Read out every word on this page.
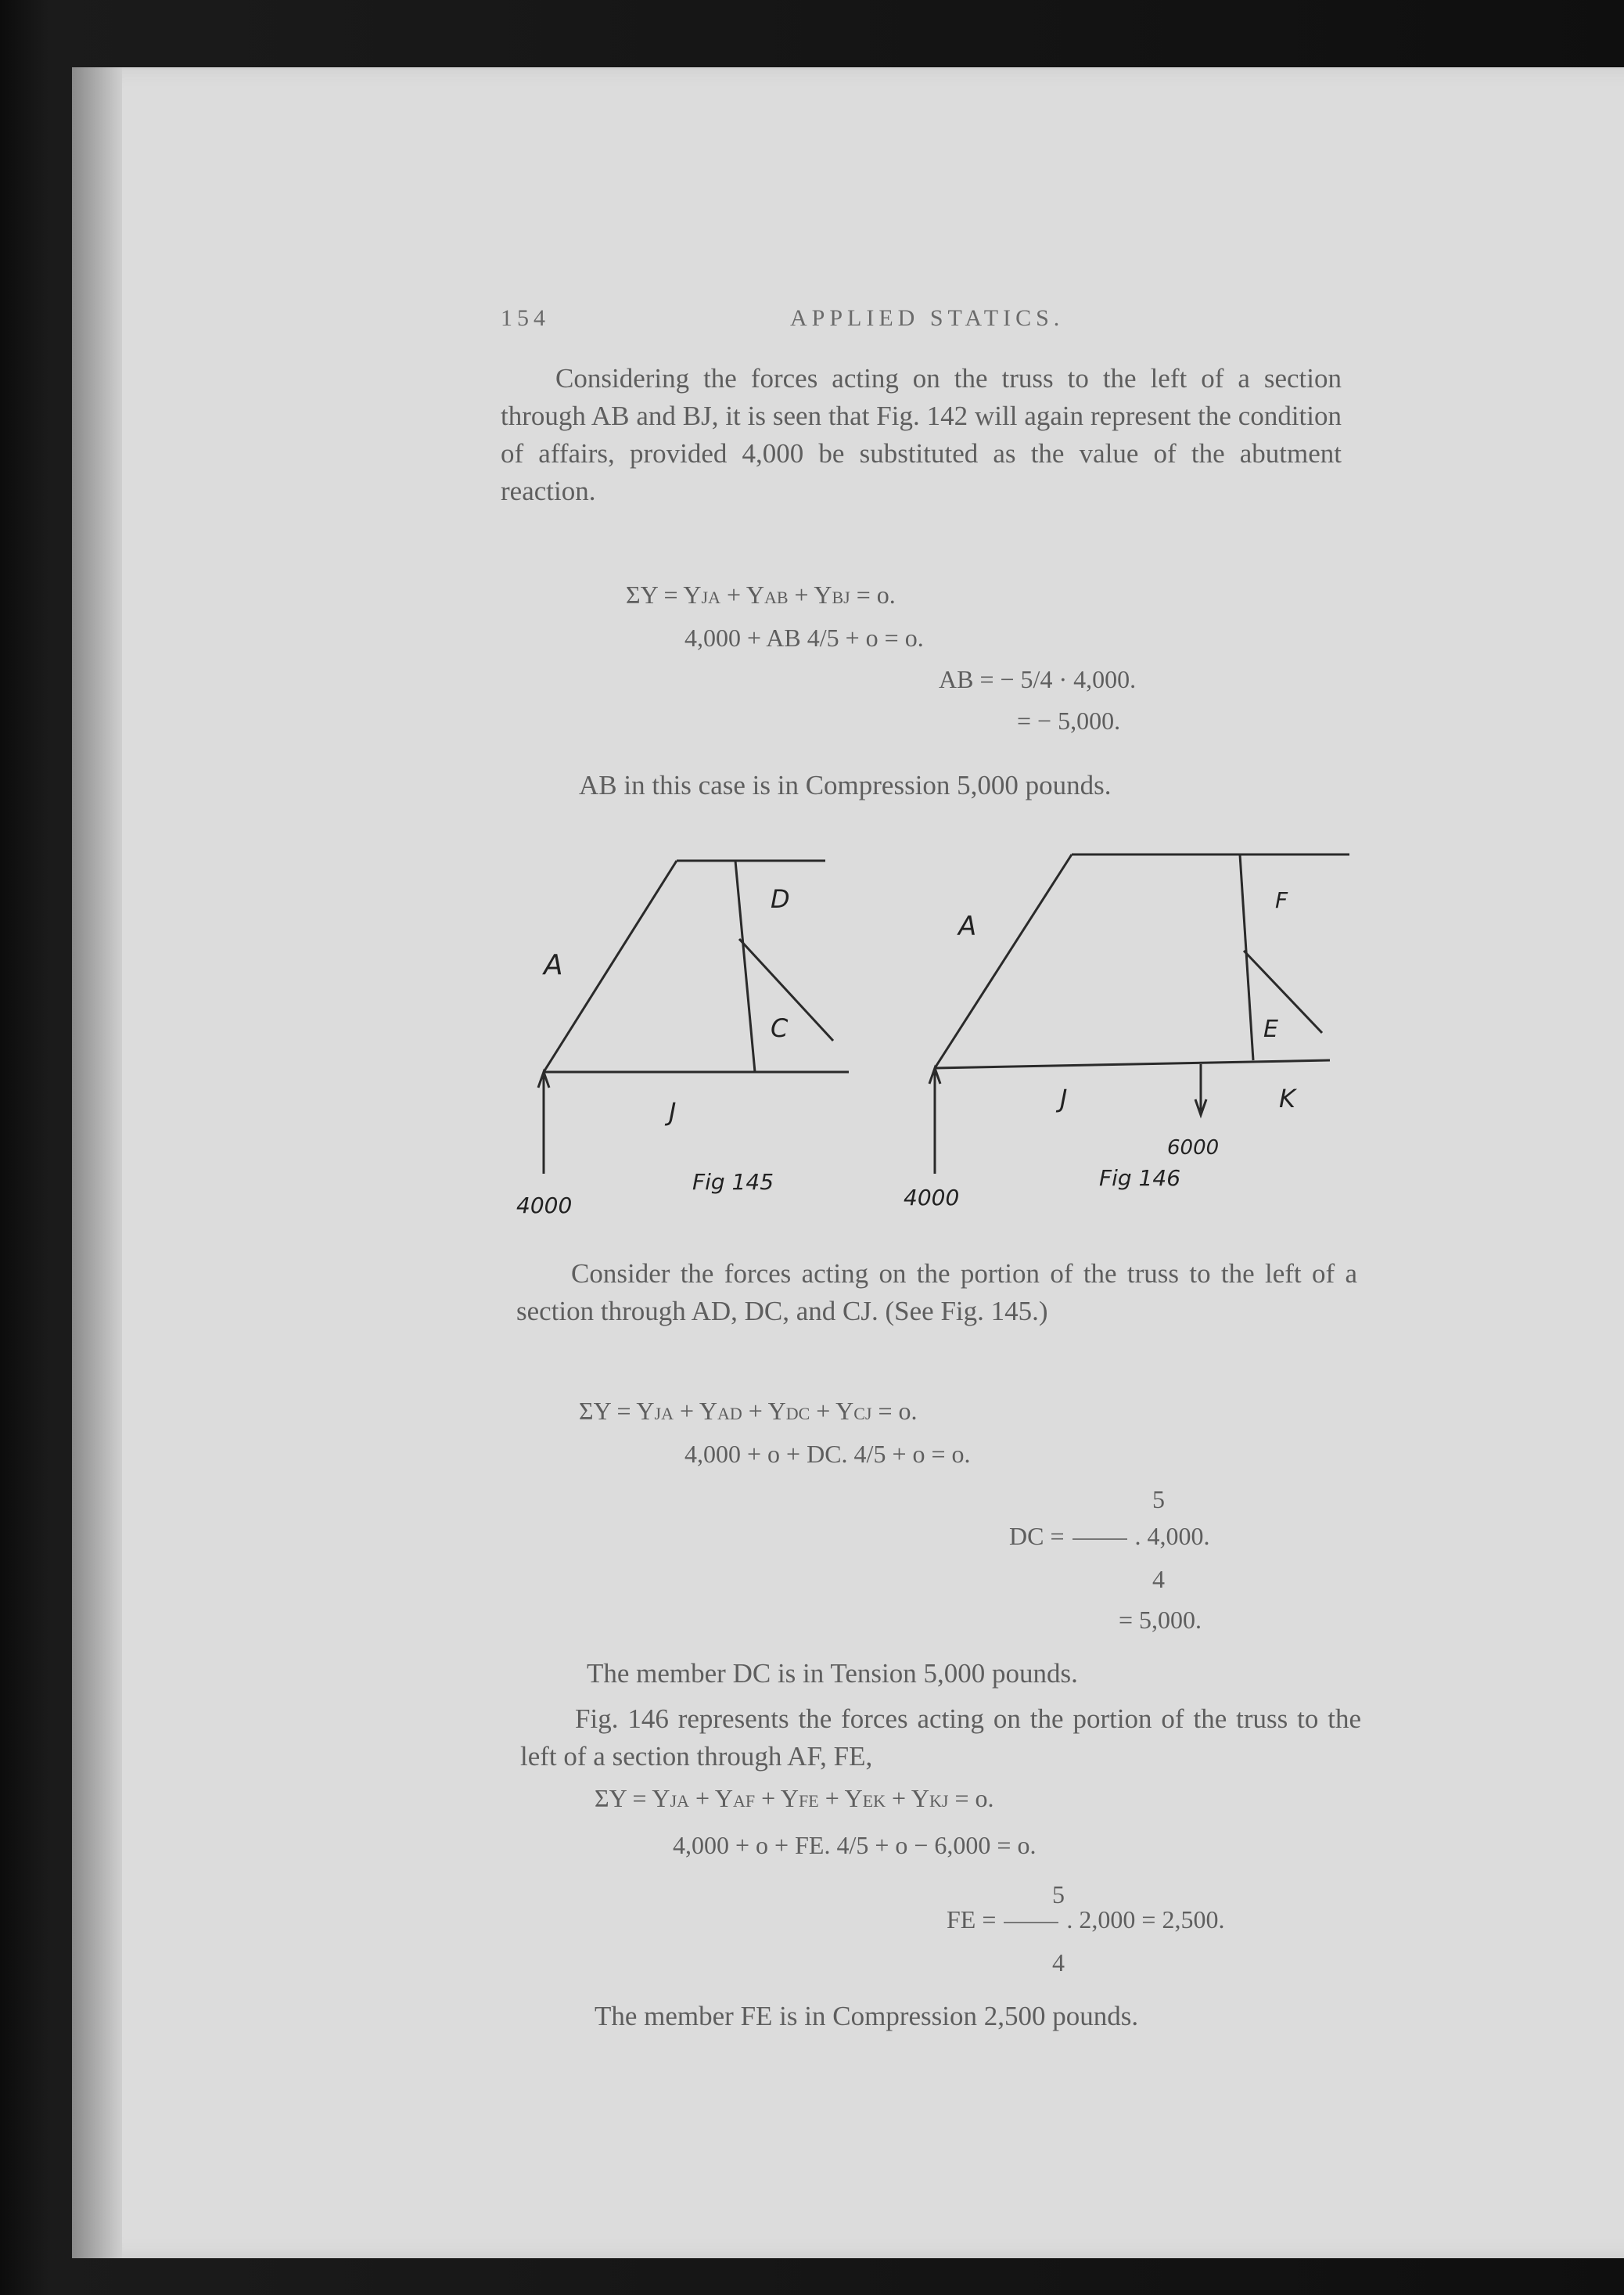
154	APPLIED STATICS.

Considering the forces acting on the truss to the left of a section through AB and BJ, it is seen that Fig. 142 will again represent the condition of affairs, provided 4,000 be substituted as the value of the abutment reaction.

ΣY = YJA + YAB + YBJ = o.
4,000 + AB 4/5 + o = o.
AB = − 5/4 · 4,000.
= − 5,000.
AB in this case is in Compression 5,000 pounds.
A
D
C
J
4000
Fig 145
A
F
E
J	K
4000
6000
Fig 146

Consider the forces acting on the portion of the truss to the left of a section through AD, DC, and CJ. (See Fig. 145.)

ΣY = YJA + YAD + YDC + YCJ = o.
4,000 + o + DC. 4/5 + o = o.
5
DC =	. 4,000.
4
= 5,000.
The member DC is in Tension 5,000 pounds.

Fig. 146 represents the forces acting on the portion of the truss to the left of a section through AF, FE,

ΣY = YJA + YAF + YFE + YEK + YKJ = o.
4,000 + o + FE. 4/5 + o − 6,000 = o.
5
FE =	. 2,000 = 2,500.
4
The member FE is in Compression 2,500 pounds.
